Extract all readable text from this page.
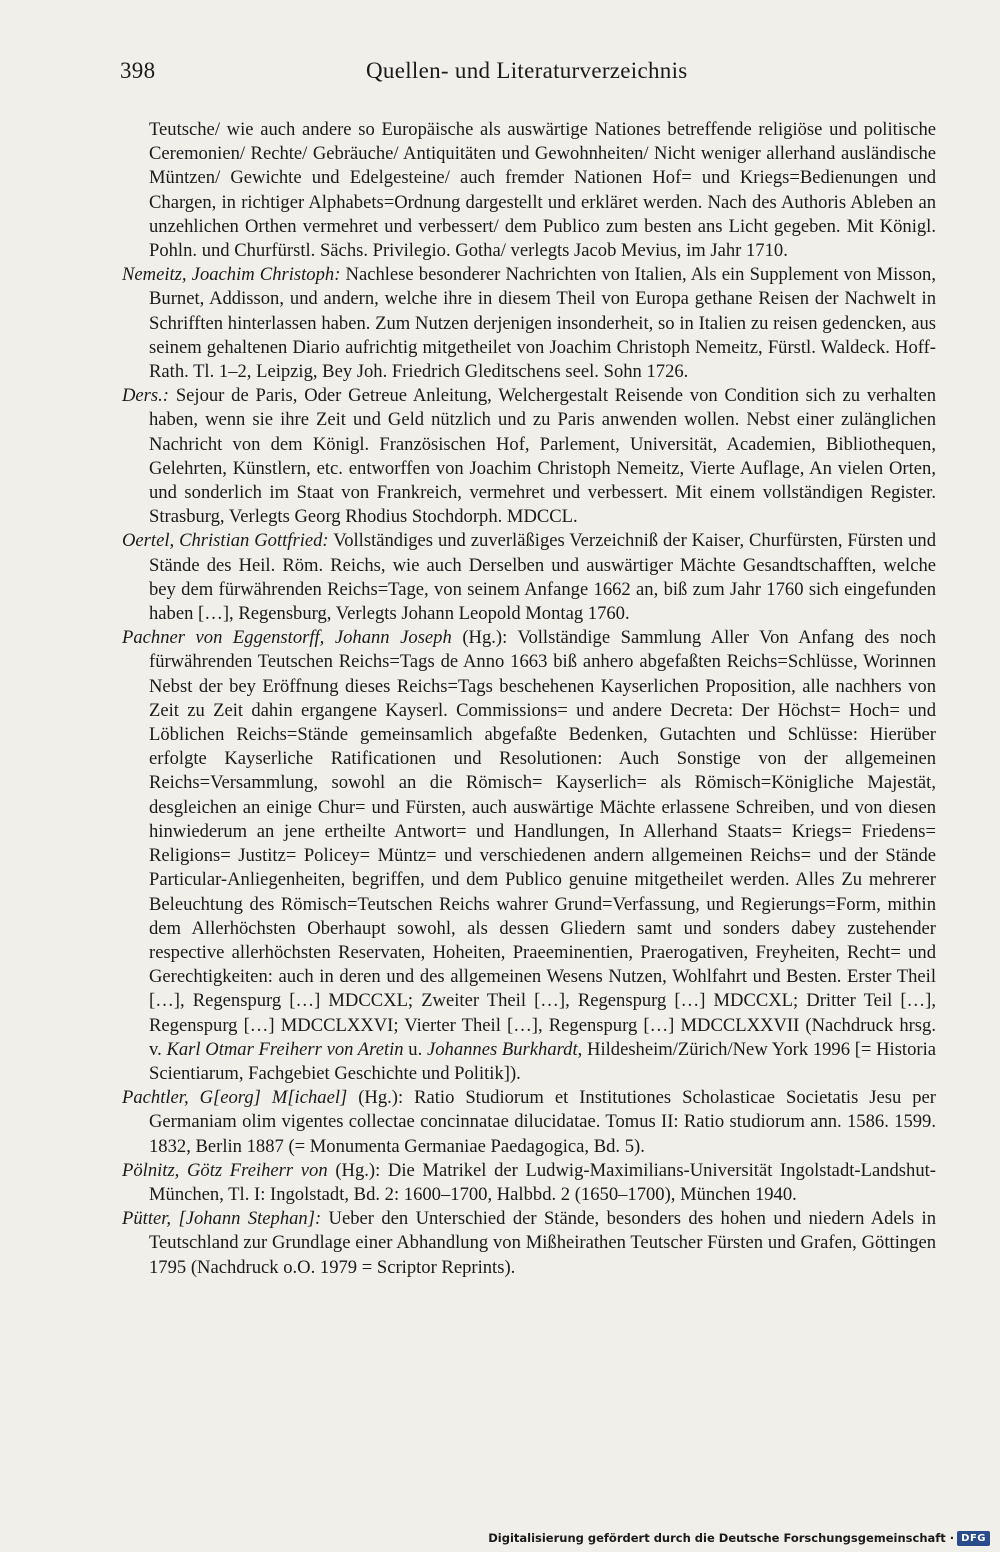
398	Quellen- und Literaturverzeichnis

Teutsche/ wie auch andere so Europäische als auswärtige Nationes betreffende religiöse und politische Ceremonien/ Rechte/ Gebräuche/ Antiquitäten und Gewohnheiten/ Nicht weniger allerhand ausländische Müntzen/ Gewichte und Edelgesteine/ auch fremder Nationen Hof= und Kriegs=Bedienungen und Chargen, in richtiger Alphabets=Ordnung dargestellt und erkläret werden. Nach des Authoris Ableben an unzehlichen Orthen vermehret und verbessert/ dem Publico zum besten ans Licht gegeben. Mit Königl. Pohln. und Churfürstl. Sächs. Privilegio. Gotha/ verlegts Jacob Mevius, im Jahr 1710.

Nemeitz, Joachim Christoph: Nachlese besonderer Nachrichten von Italien, Als ein Supplement von Misson, Burnet, Addisson, und andern, welche ihre in diesem Theil von Europa gethane Reisen der Nachwelt in Schrifften hinterlassen haben. Zum Nutzen derjenigen insonderheit, so in Italien zu reisen gedencken, aus seinem gehaltenen Diario aufrichtig mitgetheilet von Joachim Christoph Nemeitz, Fürstl. Waldeck. Hoff-Rath. Tl. 1–2, Leipzig, Bey Joh. Friedrich Gleditschens seel. Sohn 1726.

Ders.: Sejour de Paris, Oder Getreue Anleitung, Welchergestalt Reisende von Condition sich zu verhalten haben, wenn sie ihre Zeit und Geld nützlich und zu Paris anwenden wollen. Nebst einer zulänglichen Nachricht von dem Königl. Französischen Hof, Parlement, Universität, Academien, Bibliothequen, Gelehrten, Künstlern, etc. entworffen von Joachim Christoph Nemeitz, Vierte Auflage, An vielen Orten, und sonderlich im Staat von Frankreich, vermehret und verbessert. Mit einem vollständigen Register. Strasburg, Verlegts Georg Rhodius Stochdorph. MDCCL.

Oertel, Christian Gottfried: Vollständiges und zuverläßiges Verzeichniß der Kaiser, Churfürsten, Fürsten und Stände des Heil. Röm. Reichs, wie auch Derselben und auswärtiger Mächte Gesandtschafften, welche bey dem fürwährenden Reichs=Tage, von seinem Anfange 1662 an, biß zum Jahr 1760 sich eingefunden haben […], Regensburg, Verlegts Johann Leopold Montag 1760.

Pachner von Eggenstorff, Johann Joseph (Hg.): Vollständige Sammlung Aller Von Anfang des noch fürwährenden Teutschen Reichs=Tags de Anno 1663 biß anhero abgefaßten Reichs=Schlüsse, Worinnen Nebst der bey Eröffnung dieses Reichs=Tags beschehenen Kayserlichen Proposition, alle nachhers von Zeit zu Zeit dahin ergangene Kayserl. Commissions= und andere Decreta: Der Höchst= Hoch= und Löblichen Reichs=Stände gemeinsamlich abgefaßte Bedenken, Gutachten und Schlüsse: Hierüber erfolgte Kayserliche Ratificationen und Resolutionen: Auch Sonstige von der allgemeinen Reichs=Versammlung, sowohl an die Römisch= Kayserlich= als Römisch=Königliche Majestät, desgleichen an einige Chur= und Fürsten, auch auswärtige Mächte erlassene Schreiben, und von diesen hinwiederum an jene ertheilte Antwort= und Handlungen, In Allerhand Staats= Kriegs= Friedens= Religions= Justitz= Policey= Müntz= und verschiedenen andern allgemeinen Reichs= und der Stände Particular-Anliegenheiten, begriffen, und dem Publico genuine mitgetheilet werden. Alles Zu mehrerer Beleuchtung des Römisch=Teutschen Reichs wahrer Grund=Verfassung, und Regierungs=Form, mithin dem Allerhöchsten Oberhaupt sowohl, als dessen Gliedern samt und sonders dabey zustehender respective allerhöchsten Reservaten, Hoheiten, Praeeminentien, Praerogativen, Freyheiten, Recht= und Gerechtigkeiten: auch in deren und des allgemeinen Wesens Nutzen, Wohlfahrt und Besten. Erster Theil […], Regenspurg […] MDCCXL; Zweiter Theil […], Regenspurg […] MDCCXL; Dritter Teil […], Regenspurg […] MDCCLXXVI; Vierter Theil […], Regenspurg […] MDCCLXXVII (Nachdruck hrsg. v. Karl Otmar Freiherr von Aretin u. Johannes Burkhardt, Hildesheim/Zürich/New York 1996 [= Historia Scientiarum, Fachgebiet Geschichte und Politik]).

Pachtler, G[eorg] M[ichael] (Hg.): Ratio Studiorum et Institutiones Scholasticae Societatis Jesu per Germaniam olim vigentes collectae concinnatae dilucidatae. Tomus II: Ratio studiorum ann. 1586. 1599. 1832, Berlin 1887 (= Monumenta Germaniae Paedagogica, Bd. 5).

Pölnitz, Götz Freiherr von (Hg.): Die Matrikel der Ludwig-Maximilians-Universität Ingolstadt-Landshut-München, Tl. I: Ingolstadt, Bd. 2: 1600–1700, Halbbd. 2 (1650–1700), München 1940.

Pütter, [Johann Stephan]: Ueber den Unterschied der Stände, besonders des hohen und niedern Adels in Teutschland zur Grundlage einer Abhandlung von Mißheirathen Teutscher Fürsten und Grafen, Göttingen 1795 (Nachdruck o.O. 1979 = Scriptor Reprints).

Digitalisierung gefördert durch die Deutsche Forschungsgemeinschaft · DFG
